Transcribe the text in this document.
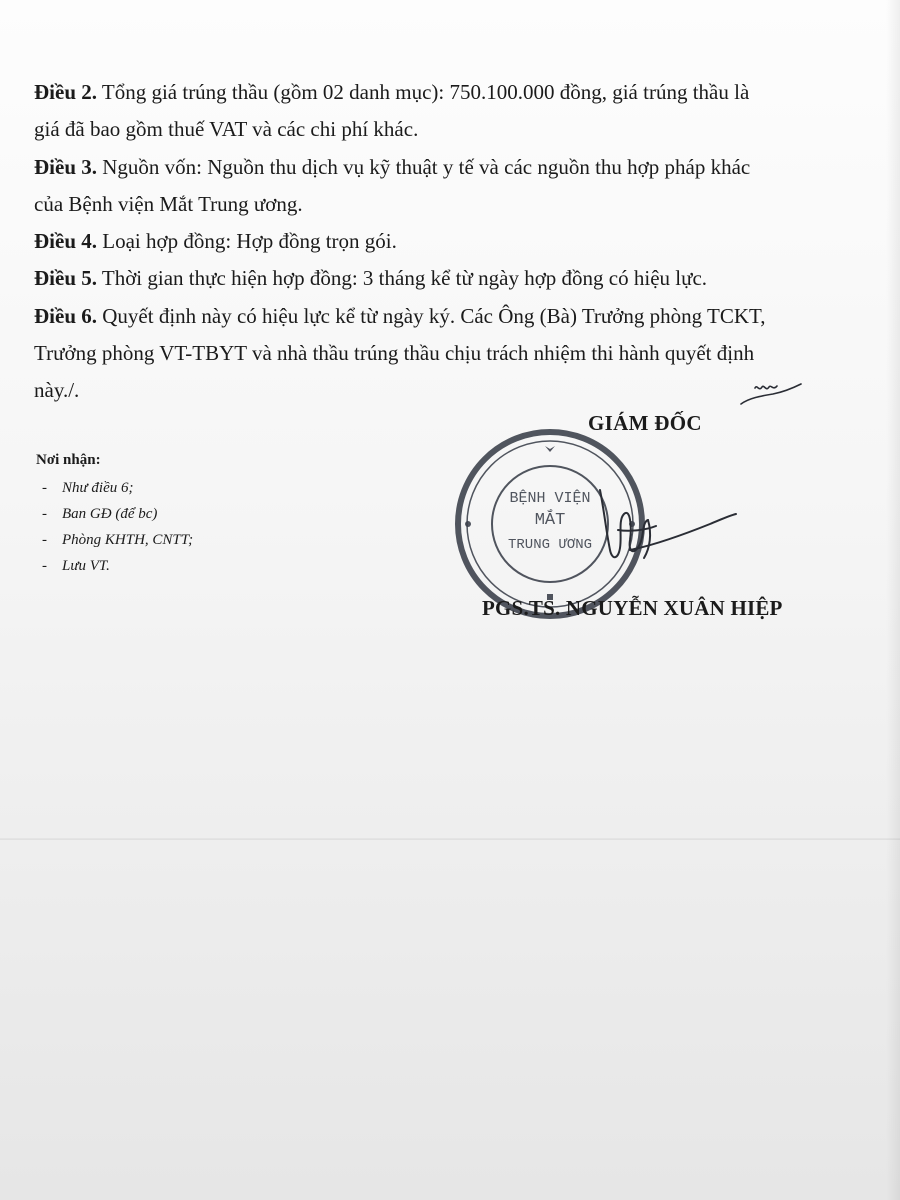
Điều 2. Tổng giá trúng thầu (gồm 02 danh mục): 750.100.000 đồng, giá trúng thầu là

giá đã bao gồm thuế VAT và các chi phí khác.

Điều 3. Nguồn vốn: Nguồn thu dịch vụ kỹ thuật y tế và các nguồn thu hợp pháp khác

của Bệnh viện Mắt Trung ương.

Điều 4. Loại hợp đồng: Hợp đồng trọn gói.

Điều 5. Thời gian thực hiện hợp đồng: 3 tháng kể từ ngày hợp đồng có hiệu lực.

Điều 6. Quyết định này có hiệu lực kể từ ngày ký. Các Ông (Bà) Trưởng phòng TCKT,

Trưởng phòng VT-TBYT và nhà thầu trúng thầu chịu trách nhiệm thi hành quyết định

này./.

GIÁM ĐỐC
BỆNH VIỆN
MẮT
TRUNG ƯƠNG
PGS.TS. NGUYỄN XUÂN HIỆP

Nơi nhận:

- Như điều 6;
- Ban GĐ (để bc)
- Phòng KHTH, CNTT;
- Lưu VT.
